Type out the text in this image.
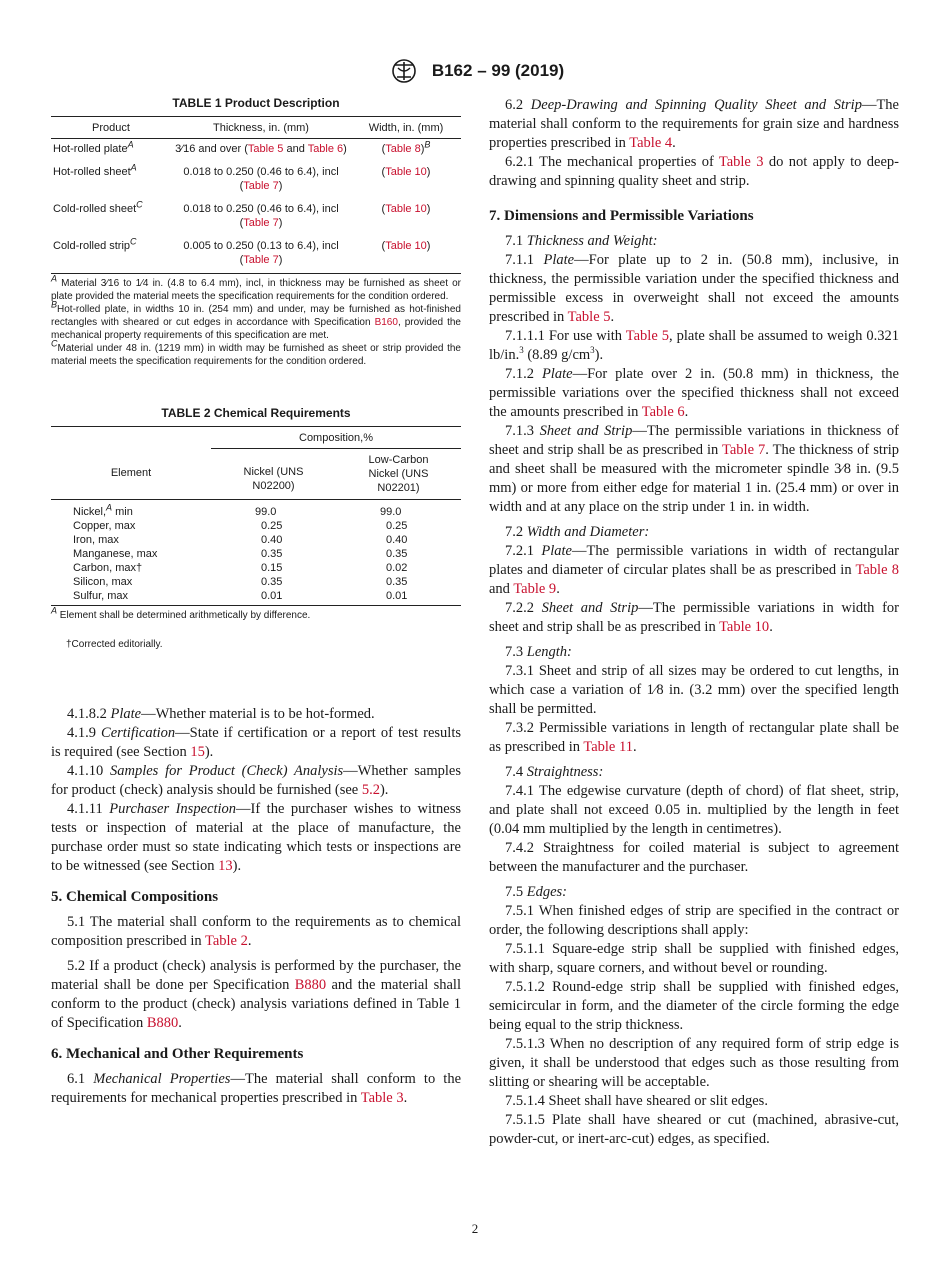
B162 – 99 (2019)
TABLE 1 Product Description
Product	Thickness, in. (mm)	Width, in. (mm)
Hot-rolled plate$^A$	3⁄16 and over (Table 5 and Table 6)	(Table 8)$^B$
Hot-rolled sheet$^A$	0.018 to 0.250 (0.46 to 6.4), incl (Table 7)	(Table 10)
Cold-rolled sheet$^C$	0.018 to 0.250 (0.46 to 6.4), incl (Table 7)	(Table 10)
Cold-rolled strip$^C$	0.005 to 0.250 (0.13 to 6.4), incl (Table 7)	(Table 10)

$^A$ Material 3⁄16 to 1⁄4 in. (4.8 to 6.4 mm), incl, in thickness may be furnished as sheet or plate provided the material meets the specification requirements for the condition ordered.

$^B$Hot-rolled plate, in widths 10 in. (254 mm) and under, may be furnished as hot-finished rectangles with sheared or cut edges in accordance with Specification B160, provided the mechanical property requirements of this specification are met.

$^C$Material under 48 in. (1219 mm) in width may be furnished as sheet or strip provided the material meets the specification requirements for the condition ordered.

TABLE 2 Chemical Requirements
Element	Composition,%	
	Nickel (UNS N02200)	Low-Carbon Nickel (UNS N02201)
Nickel,$^A$ min	99.0	99.0
Copper, max	0.25	0.25
Iron, max	0.40	0.40
Manganese, max	0.35	0.35
Carbon, max†	0.15	0.02
Silicon, max	0.35	0.35
Sulfur, max	0.01	0.01

$^A$ Element shall be determined arithmetically by difference.

†Corrected editorially.

4.1.8.2 Plate—Whether material is to be hot-formed.

4.1.9 Certification—State if certification or a report of test results is required (see Section 15).

4.1.10 Samples for Product (Check) Analysis—Whether samples for product (check) analysis should be furnished (see 5.2).

4.1.11 Purchaser Inspection—If the purchaser wishes to witness tests or inspection of material at the place of manufacture, the purchase order must so state indicating which tests or inspections are to be witnessed (see Section 13).

5. Chemical Compositions

5.1 The material shall conform to the requirements as to chemical composition prescribed in Table 2.

5.2 If a product (check) analysis is performed by the purchaser, the material shall be done per Specification B880 and the material shall conform to the product (check) analysis variations defined in Table 1 of Specification B880.

6. Mechanical and Other Requirements

6.1 Mechanical Properties—The material shall conform to the requirements for mechanical properties prescribed in Table 3.

6.2 Deep-Drawing and Spinning Quality Sheet and Strip—The material shall conform to the requirements for grain size and hardness properties prescribed in Table 4.

6.2.1 The mechanical properties of Table 3 do not apply to deep-drawing and spinning quality sheet and strip.

7. Dimensions and Permissible Variations

7.1 Thickness and Weight:

7.1.1 Plate—For plate up to 2 in. (50.8 mm), inclusive, in thickness, the permissible variation under the specified thickness and permissible excess in overweight shall not exceed the amounts prescribed in Table 5.

7.1.1.1 For use with Table 5, plate shall be assumed to weigh 0.321 lb/in.$^3$ (8.89 $g/cm^3$).

7.1.2 Plate—For plate over 2 in. (50.8 mm) in thickness, the permissible variations over the specified thickness shall not exceed the amounts prescribed in Table 6.

7.1.3 Sheet and Strip—The permissible variations in thickness of sheet and strip shall be as prescribed in Table 7. The thickness of strip and sheet shall be measured with the micrometer spindle 3⁄8 in. (9.5 mm) or more from either edge for material 1 in. (25.4 mm) or over in width and at any place on the strip under 1 in. in width.

7.2 Width and Diameter:

7.2.1 Plate—The permissible variations in width of rectangular plates and diameter of circular plates shall be as prescribed in Table 8 and Table 9.

7.2.2 Sheet and Strip—The permissible variations in width for sheet and strip shall be as prescribed in Table 10.

7.3 Length:

7.3.1 Sheet and strip of all sizes may be ordered to cut lengths, in which case a variation of 1⁄8 in. (3.2 mm) over the specified length shall be permitted.

7.3.2 Permissible variations in length of rectangular plate shall be as prescribed in Table 11.

7.4 Straightness:

7.4.1 The edgewise curvature (depth of chord) of flat sheet, strip, and plate shall not exceed 0.05 in. multiplied by the length in feet (0.04 mm multiplied by the length in centimetres).

7.4.2 Straightness for coiled material is subject to agreement between the manufacturer and the purchaser.

7.5 Edges:

7.5.1 When finished edges of strip are specified in the contract or order, the following descriptions shall apply:

7.5.1.1 Square-edge strip shall be supplied with finished edges, with sharp, square corners, and without bevel or rounding.

7.5.1.2 Round-edge strip shall be supplied with finished edges, semicircular in form, and the diameter of the circle forming the edge being equal to the strip thickness.

7.5.1.3 When no description of any required form of strip edge is given, it shall be understood that edges such as those resulting from slitting or shearing will be acceptable.

7.5.1.4 Sheet shall have sheared or slit edges.

7.5.1.5 Plate shall have sheared or cut (machined, abrasive-cut, powder-cut, or inert-arc-cut) edges, as specified.

2
